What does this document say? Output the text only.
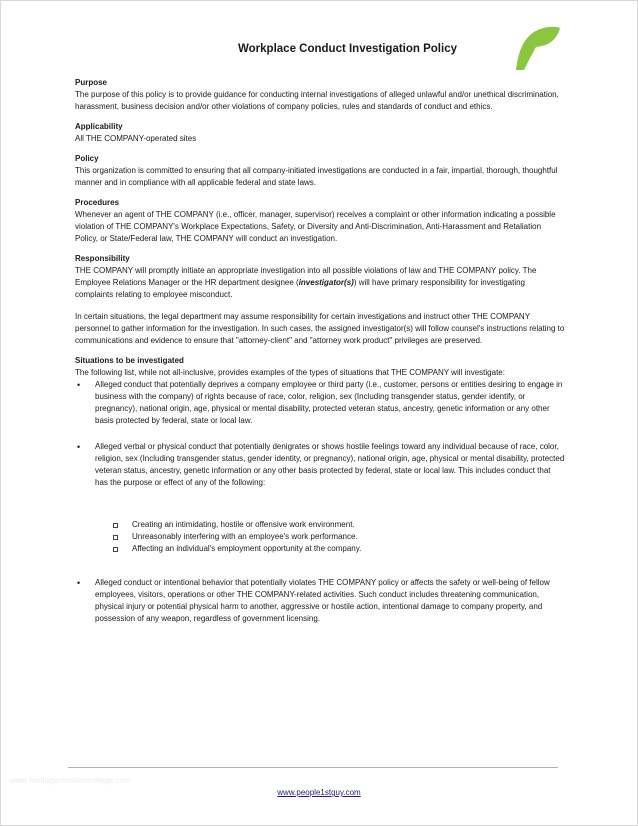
Workplace Conduct Investigation Policy
Purpose

The purpose of this policy is to provide guidance for conducting internal investigations of alleged unlawful and/or unethical discrimination, harassment, business decision and/or other violations of company policies, rules and standards of conduct and ethics.

Applicability

All THE COMPANY-operated sites

Policy

This organization is committed to ensuring that all company-initiated investigations are conducted in a fair, impartial, thorough, thoughtful manner and in compliance with all applicable federal and state laws.

Procedures

Whenever an agent of THE COMPANY (i.e., officer, manager, supervisor) receives a complaint or other information indicating a possible violation of THE COMPANY's Workplace Expectations, Safety, or Diversity and Anti-Discrimination, Anti-Harassment and Retaliation Policy, or State/Federal law, THE COMPANY will conduct an investigation.

Responsibility

THE COMPANY will promptly initiate an appropriate investigation into all possible violations of law and THE COMPANY policy. The Employee Relations Manager or the HR department designee (investigator(s)) will have primary responsibility for investigating complaints relating to employee misconduct.

In certain situations, the legal department may assume responsibility for certain investigations and instruct other THE COMPANY personnel to gather information for the investigation. In such cases, the assigned investigator(s) will follow counsel's instructions relating to communications and evidence to ensure that "attorney-client" and "attorney work product" privileges are preserved.

Situations to be investigated

The following list, while not all-inclusive, provides examples of the types of situations that THE COMPANY will investigate:

• Alleged conduct that potentially deprives a company employee or third party (i.e., customer, persons or entities desiring to engage in business with the company) of rights because of race, color, religion, sex (Including transgender status, gender identify, or pregnancy), national origin, age, physical or mental disability, protected veteran status, ancestry, genetic information or any other basis protected by federal, state or local law.
• Alleged verbal or physical conduct that potentially denigrates or shows hostile feelings toward any individual because of race, color, religion, sex (Including transgender status, gender identity, or pregnancy), national origin, age, physical or mental disability, protected veteran status, ancestry, genetic information or any other basis protected by federal, state or local law. This includes conduct that has the purpose or effect of any of the following:
Creating an intimidating, hostile or offensive work environment.
Unreasonably interfering with an employee's work performance.
Affecting an individual's employment opportunity at the company.
• Alleged conduct or intentional behavior that potentially violates THE COMPANY policy or affects the safety or well-being of fellow employees, visitors, operations or other THE COMPANY-related activities. Such conduct includes threatening communication, physical injury or potential physical harm to another, aggressive or hostile action, intentional damage to company property, and possession of any weapon, regardless of government licensing.
www.heritagechristiancollege.com
www.people1stguy.com
